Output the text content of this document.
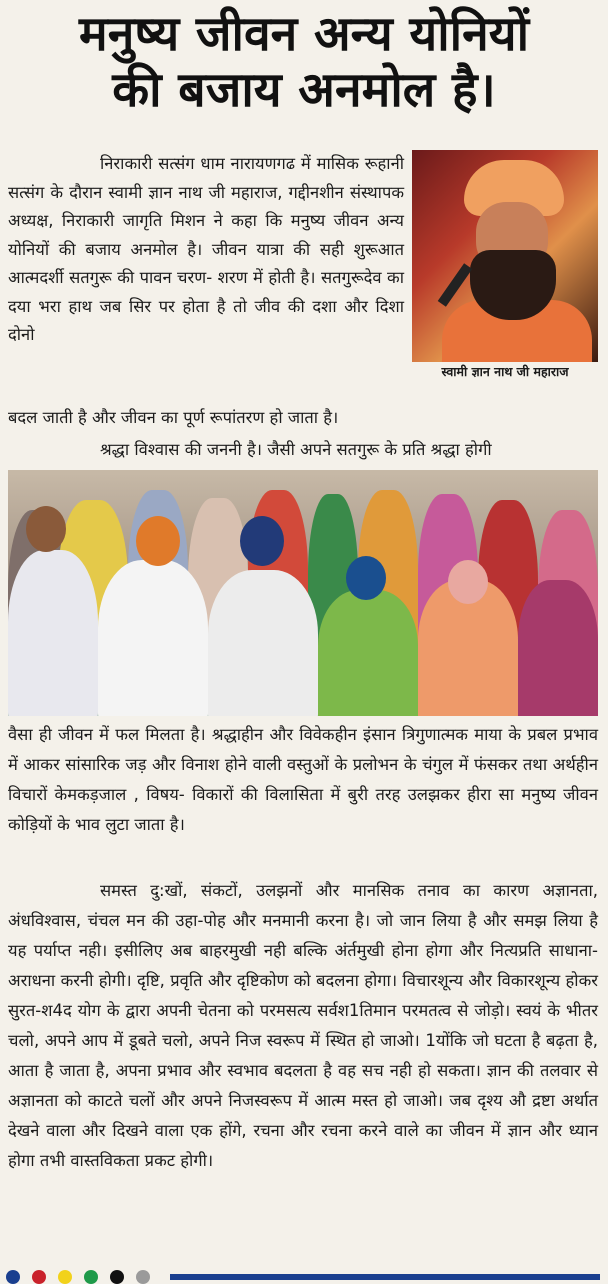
मनुष्य जीवन अन्य योनियों
की बजाय अनमोल है।
निराकारी सत्संग धाम नारायणगढ में मासिक रूहानी सत्संग के दौरान स्वामी ज्ञान नाथ जी महाराज, गद्दीनशीन संस्थापक अध्यक्ष, निराकारी जागृति मिशन ने कहा कि मनुष्य जीवन अन्य योनियों की बजाय अनमोल है। जीवन यात्रा की सही शुरूआत आत्मदर्शी सतगुरू की पावन चरण- शरण में होती है। सतगुरूदेव का दया भरा हाथ जब सिर पर होता है तो जीव की दशा और दिशा दोनो
स्वामी ज्ञान नाथ जी महाराज
बदल जाती है और जीवन का पूर्ण रूपांतरण हो जाता है।
श्रद्धा विश्वास की जननी है। जैसी अपने सतगुरू के प्रति श्रद्धा होगी
वैसा ही जीवन में फल मिलता है। श्रद्धाहीन और विवेकहीन इंसान त्रिगुणात्मक माया के प्रबल प्रभाव में आकर सांसारिक जड़ और विनाश होने वाली वस्तुओं के प्रलोभन के चंगुल में फंसकर तथा अर्थहीन विचारों केमकड़जाल , विषय- विकारों की विलासिता में बुरी तरह उलझकर हीरा सा मनुष्य जीवन कोड़ियों के भाव लुटा जाता है।
समस्त दु:खों, संकटों, उलझनों और मानसिक तनाव का कारण अज्ञानता, अंधविश्वास, चंचल मन की उहा-पोह और मनमानी करना है। जो जान लिया है और समझ लिया है यह पर्याप्त नही। इसीलिए अब बाहरमुखी नही बल्कि अंर्तमुखी होना होगा और नित्यप्रति साधाना-अराधना करनी होगी। दृष्टि, प्रवृति और दृष्टिकोण को बदलना होगा। विचारशून्य और विकारशून्य होकर सुरत-श4द योग के द्वारा अपनी चेतना को परमसत्य सर्वश1तिमान परमतत्व से जोड़ो। स्वयं के भीतर चलो, अपने आप में डूबते चलो, अपने निज स्वरूप में स्थित हो जाओ। 1योंकि जो घटता है बढ़ता है, आता है जाता है, अपना प्रभाव और स्वभाव बदलता है वह सच नही हो सकता। ज्ञान की तलवार से अज्ञानता को काटते चलों और अपने निजस्वरूप में आत्म मस्त हो जाओ। जब दृश्य औ द्रष्टा अर्थात देखने वाला और दिखने वाला एक होंगे, रचना और रचना करने वाले का जीवन में ज्ञान और ध्यान होगा तभी वास्तविकता प्रकट होगी।
